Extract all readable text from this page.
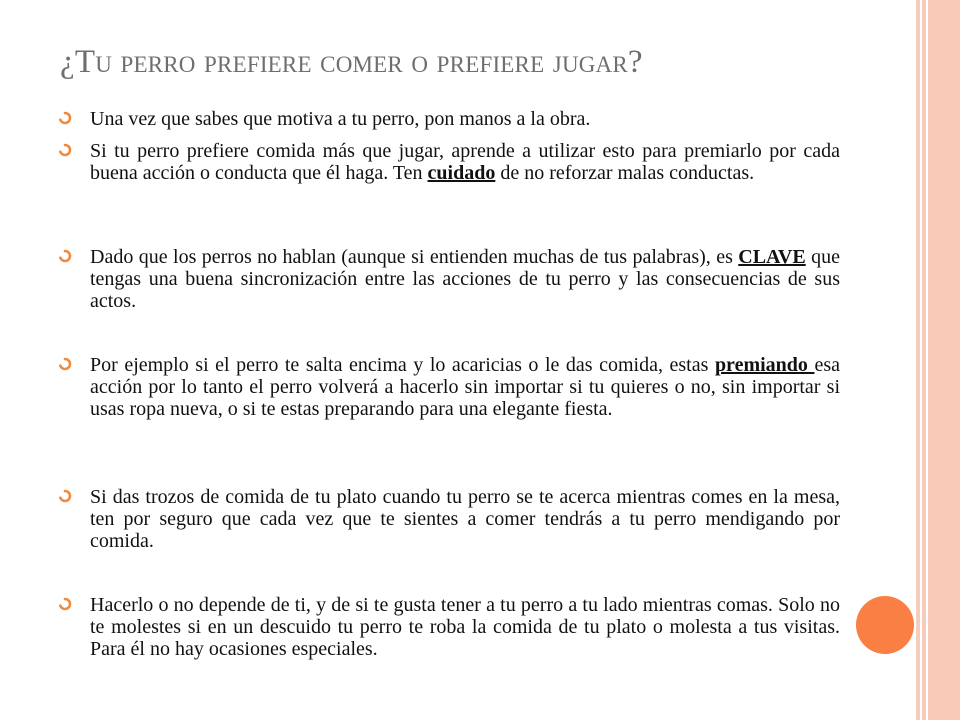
¿Tu perro prefiere comer o prefiere jugar?
Una vez que sabes que motiva a tu perro, pon manos a la obra.
Si tu perro prefiere comida más que jugar, aprende a utilizar esto para premiarlo por cada buena acción o conducta que él haga. Ten cuidado de no reforzar malas conductas.
Dado que los perros no hablan (aunque si entienden muchas de tus palabras), es CLAVE que tengas una buena sincronización entre las acciones de tu perro y las consecuencias de sus actos.
Por ejemplo si el perro te salta encima y lo acaricias o le das comida, estas premiando esa acción por lo tanto el perro volverá a hacerlo sin importar si tu quieres o no, sin importar si usas ropa nueva, o si te estas preparando para una elegante fiesta.
Si das trozos de comida de tu plato cuando tu perro se te acerca mientras comes en la mesa, ten por seguro que cada vez que te sientes a comer tendrás a tu perro mendigando por comida.
Hacerlo o no depende de ti, y de si te gusta tener a tu perro a tu lado mientras comas. Solo no te molestes si en un descuido tu perro te roba la comida de tu plato o molesta a tus visitas. Para él no hay ocasiones especiales.
